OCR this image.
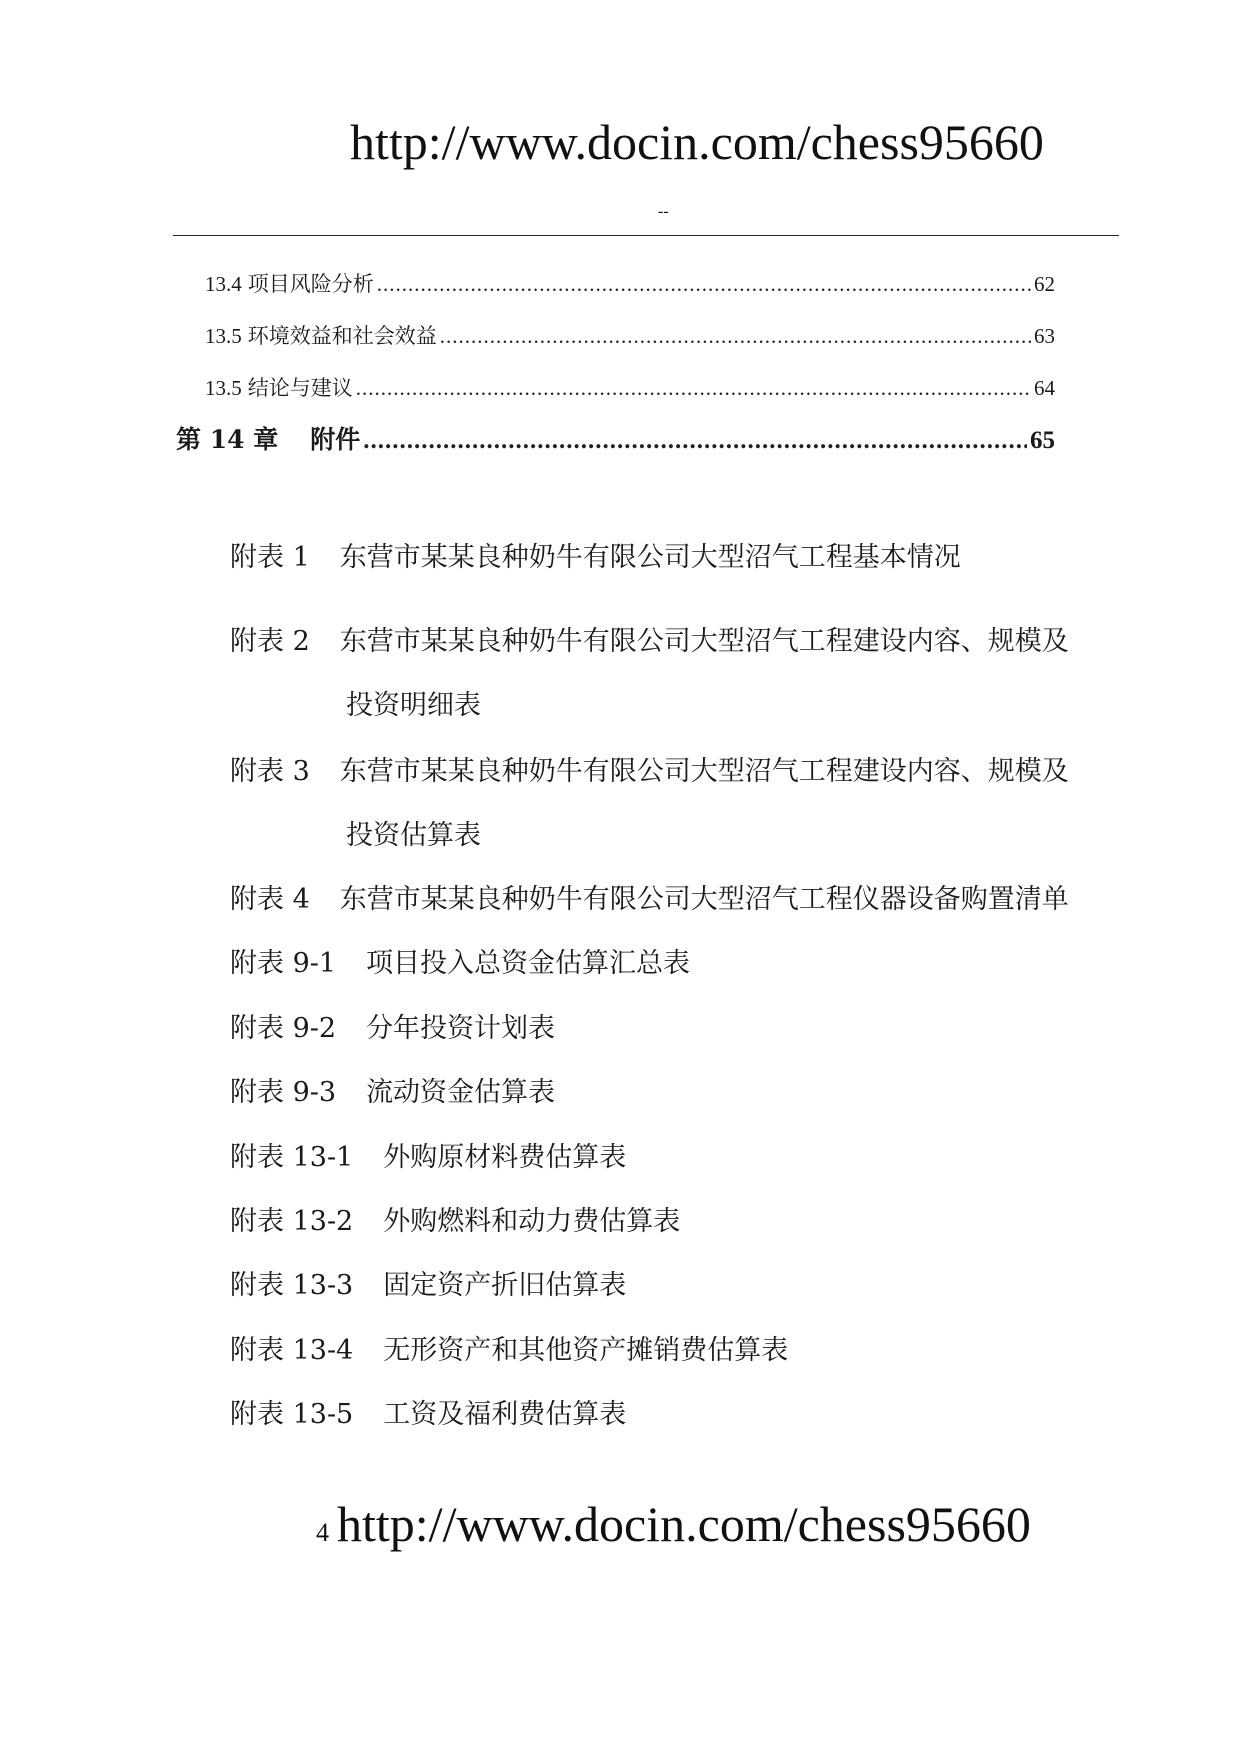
http://www.docin.com/chess95660
--
13.4 项目风险分析 .....	62
13.5 环境效益和社会效益 .....	63
13.5 结论与建议 .....	64
第 14 章 附件 .....	65
附表 1 东营市某某良种奶牛有限公司大型沼气工程基本情况
附表 2 东营市某某良种奶牛有限公司大型沼气工程建设内容、规模及
投资明细表
附表 3 东营市某某良种奶牛有限公司大型沼气工程建设内容、规模及
投资估算表
附表 4 东营市某某良种奶牛有限公司大型沼气工程仪器设备购置清单
附表 9-1 项目投入总资金估算汇总表
附表 9-2 分年投资计划表
附表 9-3 流动资金估算表
附表 13-1 外购原材料费估算表
附表 13-2 外购燃料和动力费估算表
附表 13-3 固定资产折旧估算表
附表 13-4 无形资产和其他资产摊销费估算表
附表 13-5 工资及福利费估算表
4 http://www.docin.com/chess95660
